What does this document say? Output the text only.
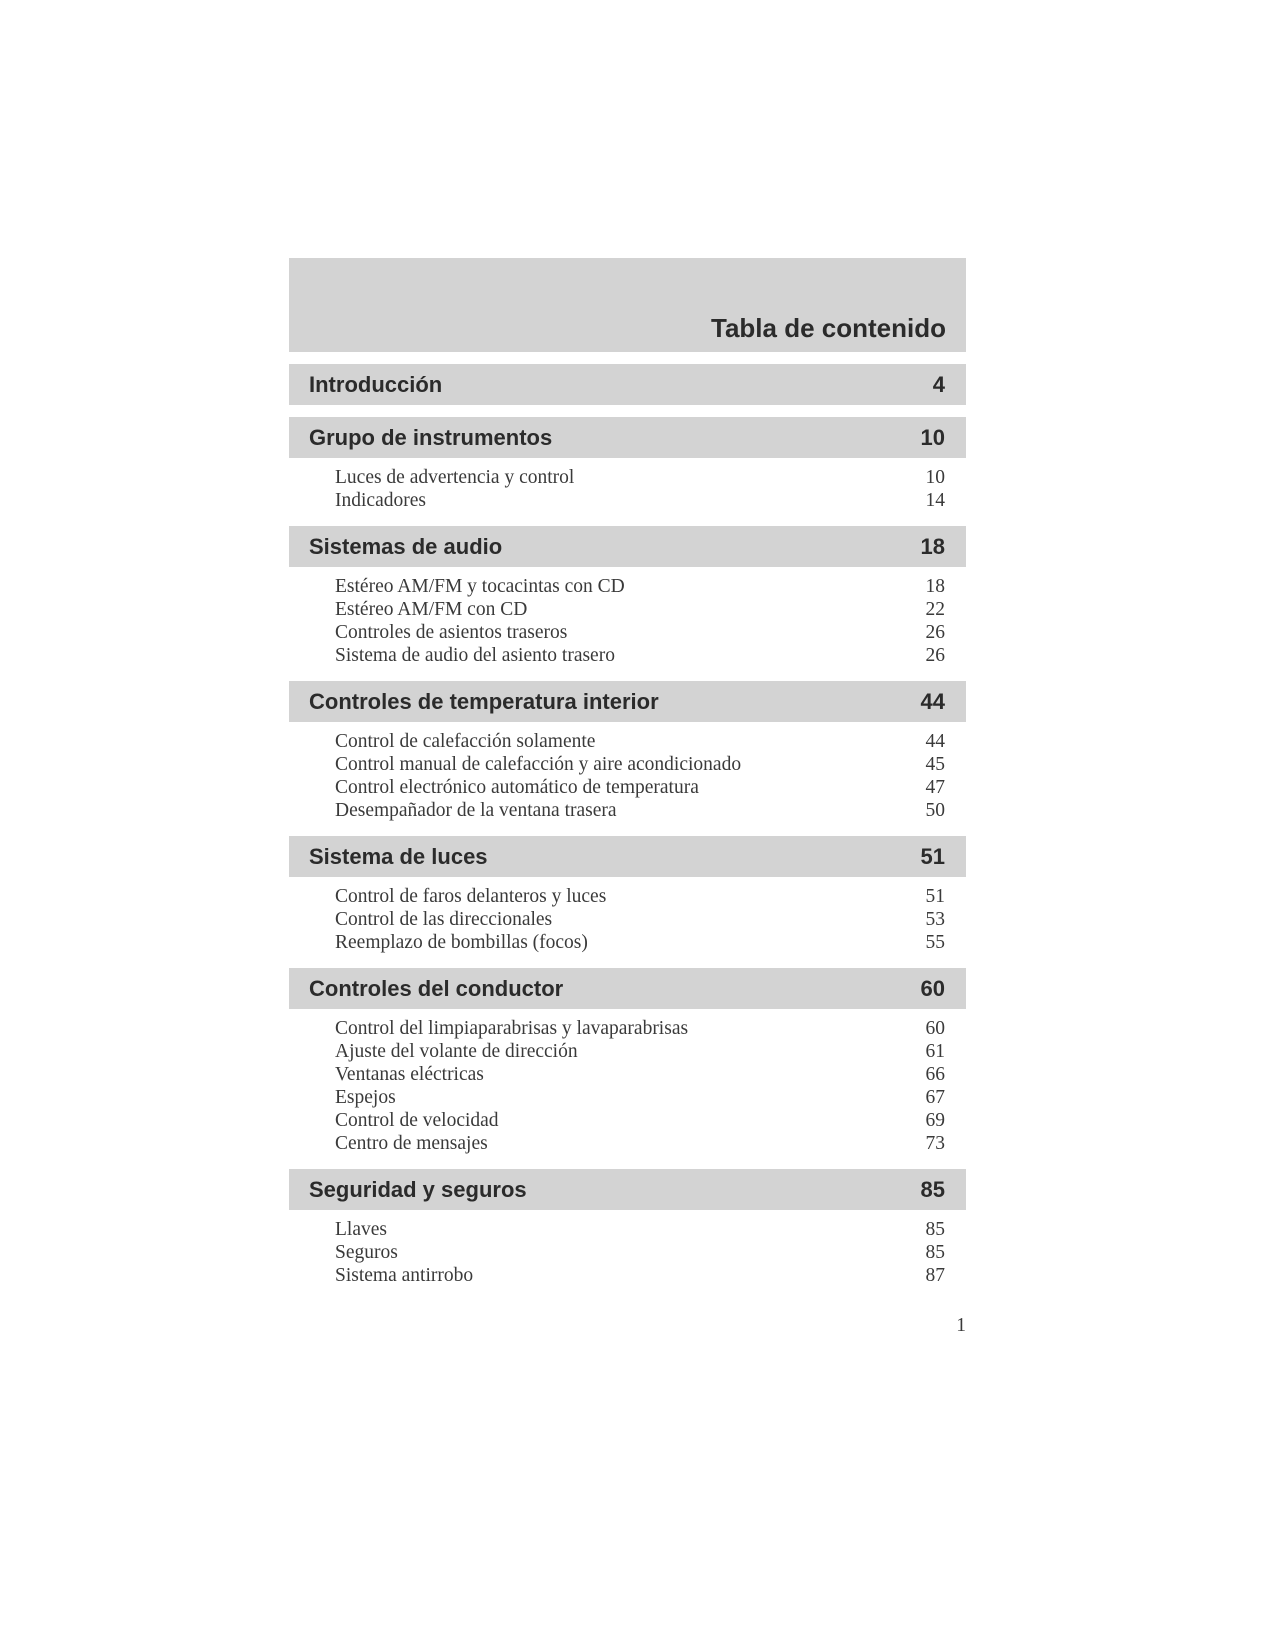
Tabla de contenido
Introducción	4
Grupo de instrumentos	10
Luces de advertencia y control	10
Indicadores	14
Sistemas de audio	18
Estéreo AM/FM y tocacintas con CD	18
Estéreo AM/FM con CD	22
Controles de asientos traseros	26
Sistema de audio del asiento trasero	26
Controles de temperatura interior	44
Control de calefacción solamente	44
Control manual de calefacción y aire acondicionado	45
Control electrónico automático de temperatura	47
Desempañador de la ventana trasera	50
Sistema de luces	51
Control de faros delanteros y luces	51
Control de las direccionales	53
Reemplazo de bombillas (focos)	55
Controles del conductor	60
Control del limpiaparabrisas y lavaparabrisas	60
Ajuste del volante de dirección	61
Ventanas eléctricas	66
Espejos	67
Control de velocidad	69
Centro de mensajes	73
Seguridad y seguros	85
Llaves	85
Seguros	85
Sistema antirrobo	87
1
